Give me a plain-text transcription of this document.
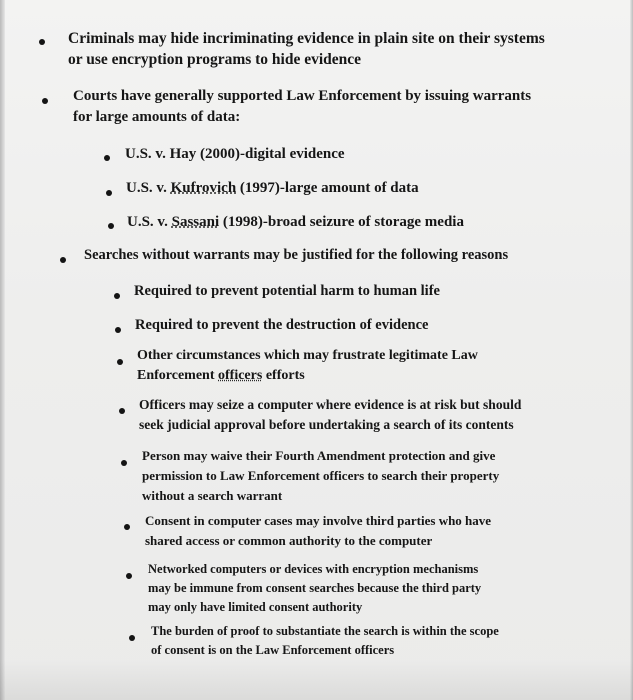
Criminals may hide incriminating evidence in plain site on their systems
or use encryption programs to hide evidence
Courts have generally supported Law Enforcement by issuing warrants
for large amounts of data:
U.S. v. Hay (2000)-digital evidence
U.S. v. Kufrovich (1997)-large amount of data
U.S. v. Sassani (1998)-broad seizure of storage media
Searches without warrants may be justified for the following reasons
Required to prevent potential harm to human life
Required to prevent the destruction of evidence
Other circumstances which may frustrate legitimate Law
Enforcement officers efforts
Officers may seize a computer where evidence is at risk but should
seek judicial approval before undertaking a search of its contents
Person may waive their Fourth Amendment protection and give
permission to Law Enforcement officers to search their property
without a search warrant
Consent in computer cases may involve third parties who have
shared access or common authority to the computer
Networked computers or devices with encryption mechanisms
may be immune from consent searches because the third party
may only have limited consent authority
The burden of proof to substantiate the search is within the scope
of consent is on the Law Enforcement officers
